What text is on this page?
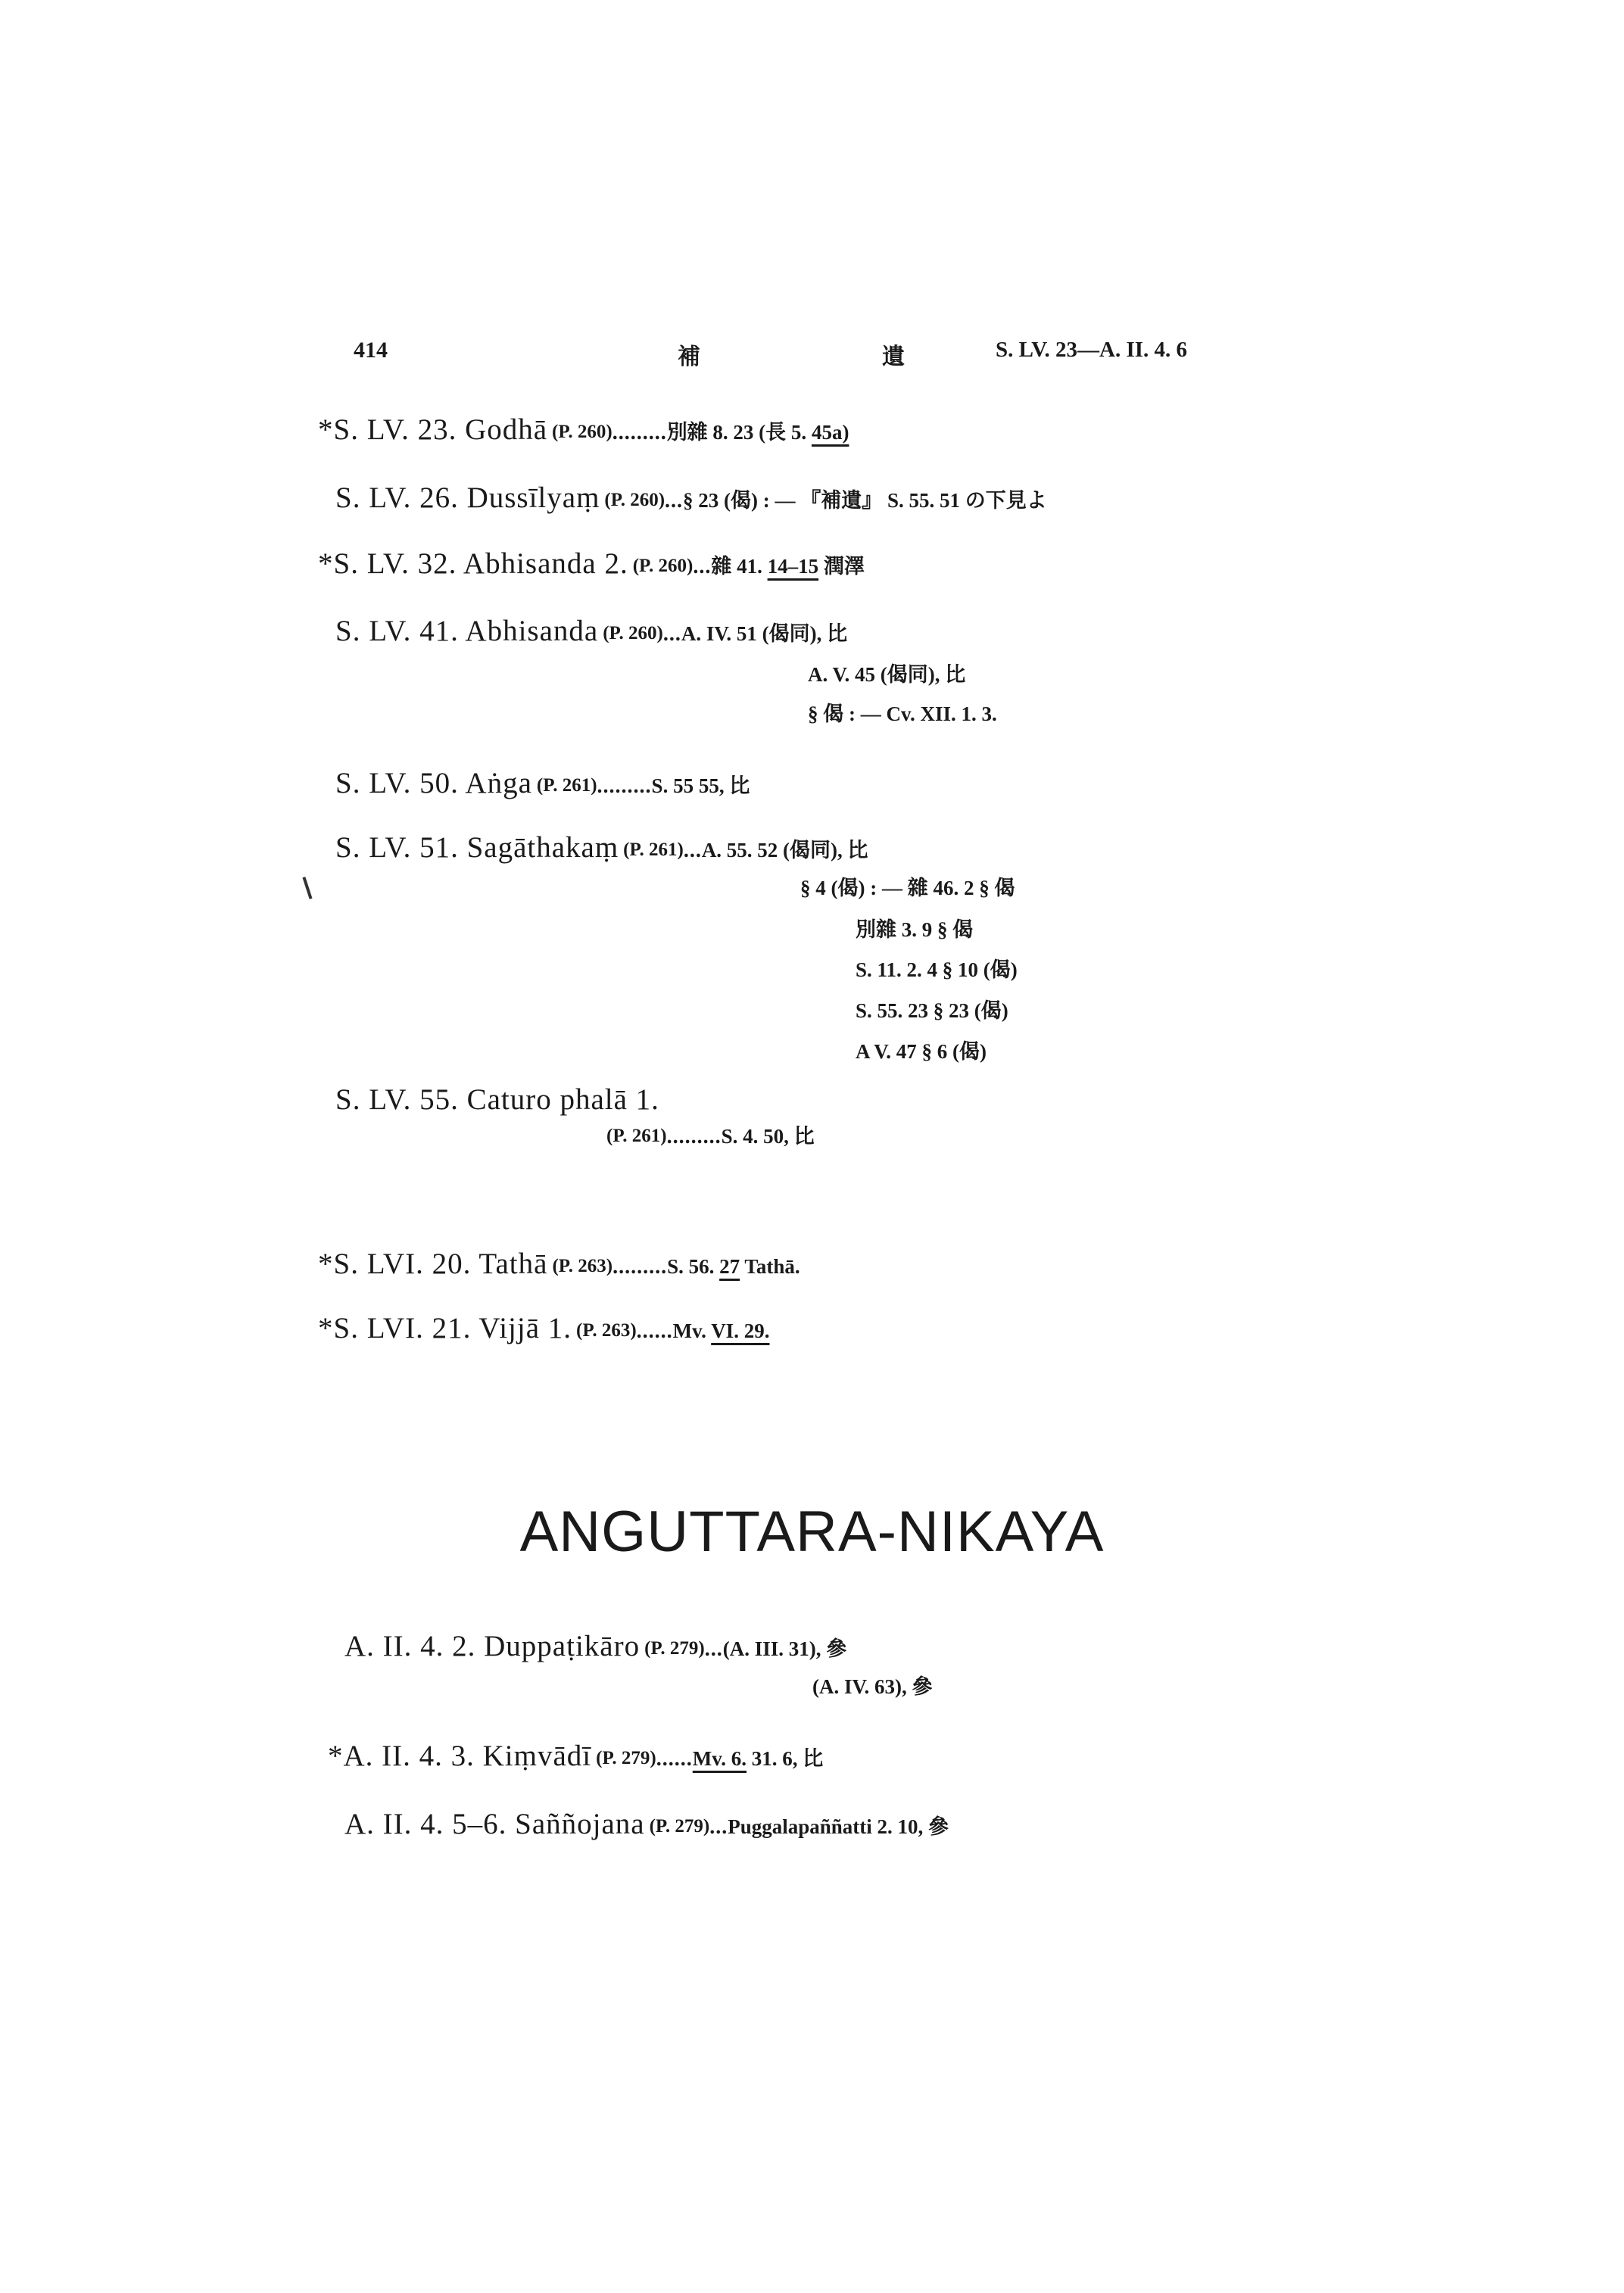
414	補	遺	S. LV. 23—A. II. 4. 6
*S. LV. 23. Godhā (P. 260).........別雜 8. 23 (長 5. 45a)
S. LV. 26. Dussīlyaṃ (P. 260)...§ 23 (偈) : — 『補遺』 S. 55. 51 の下見よ
*S. LV. 32. Abhisanda 2. (P. 260)...雜 41. 14–15 潤澤
S. LV. 41. Abhisanda (P. 260)...A. IV. 51 (偈同), 比
A. V. 45 (偈同), 比
§ 偈 : — Cv. XII. 1. 3.
S. LV. 50. Aṅga (P. 261).........S. 55 55, 比
S. LV. 51. Sagāthakaṃ (P. 261)...A. 55. 52 (偈同), 比
§ 4 (偈) : — 雜 46. 2 § 偈
別雜 3. 9 § 偈
S. 11. 2. 4 § 10 (偈)
S. 55. 23 § 23 (偈)
A V. 47 § 6 (偈)
S. LV. 55. Caturo phalā 1.
(P. 261).........S. 4. 50, 比
*S. LVI. 20. Tathā (P. 263).........S. 56. 27 Tathā.
*S. LVI. 21. Vijjā 1. (P. 263)......Mv. VI. 29.
ANGUTTARA-NIKAYA
A. II. 4. 2. Duppaṭikāro (P. 279)...(A. III. 31), 參
(A. IV. 63), 參
*A. II. 4. 3. Kiṃvādī (P. 279)......Mv. 6. 31. 6, 比
A. II. 4. 5–6. Saññojana (P. 279)...Puggalapaññatti 2. 10, 參
